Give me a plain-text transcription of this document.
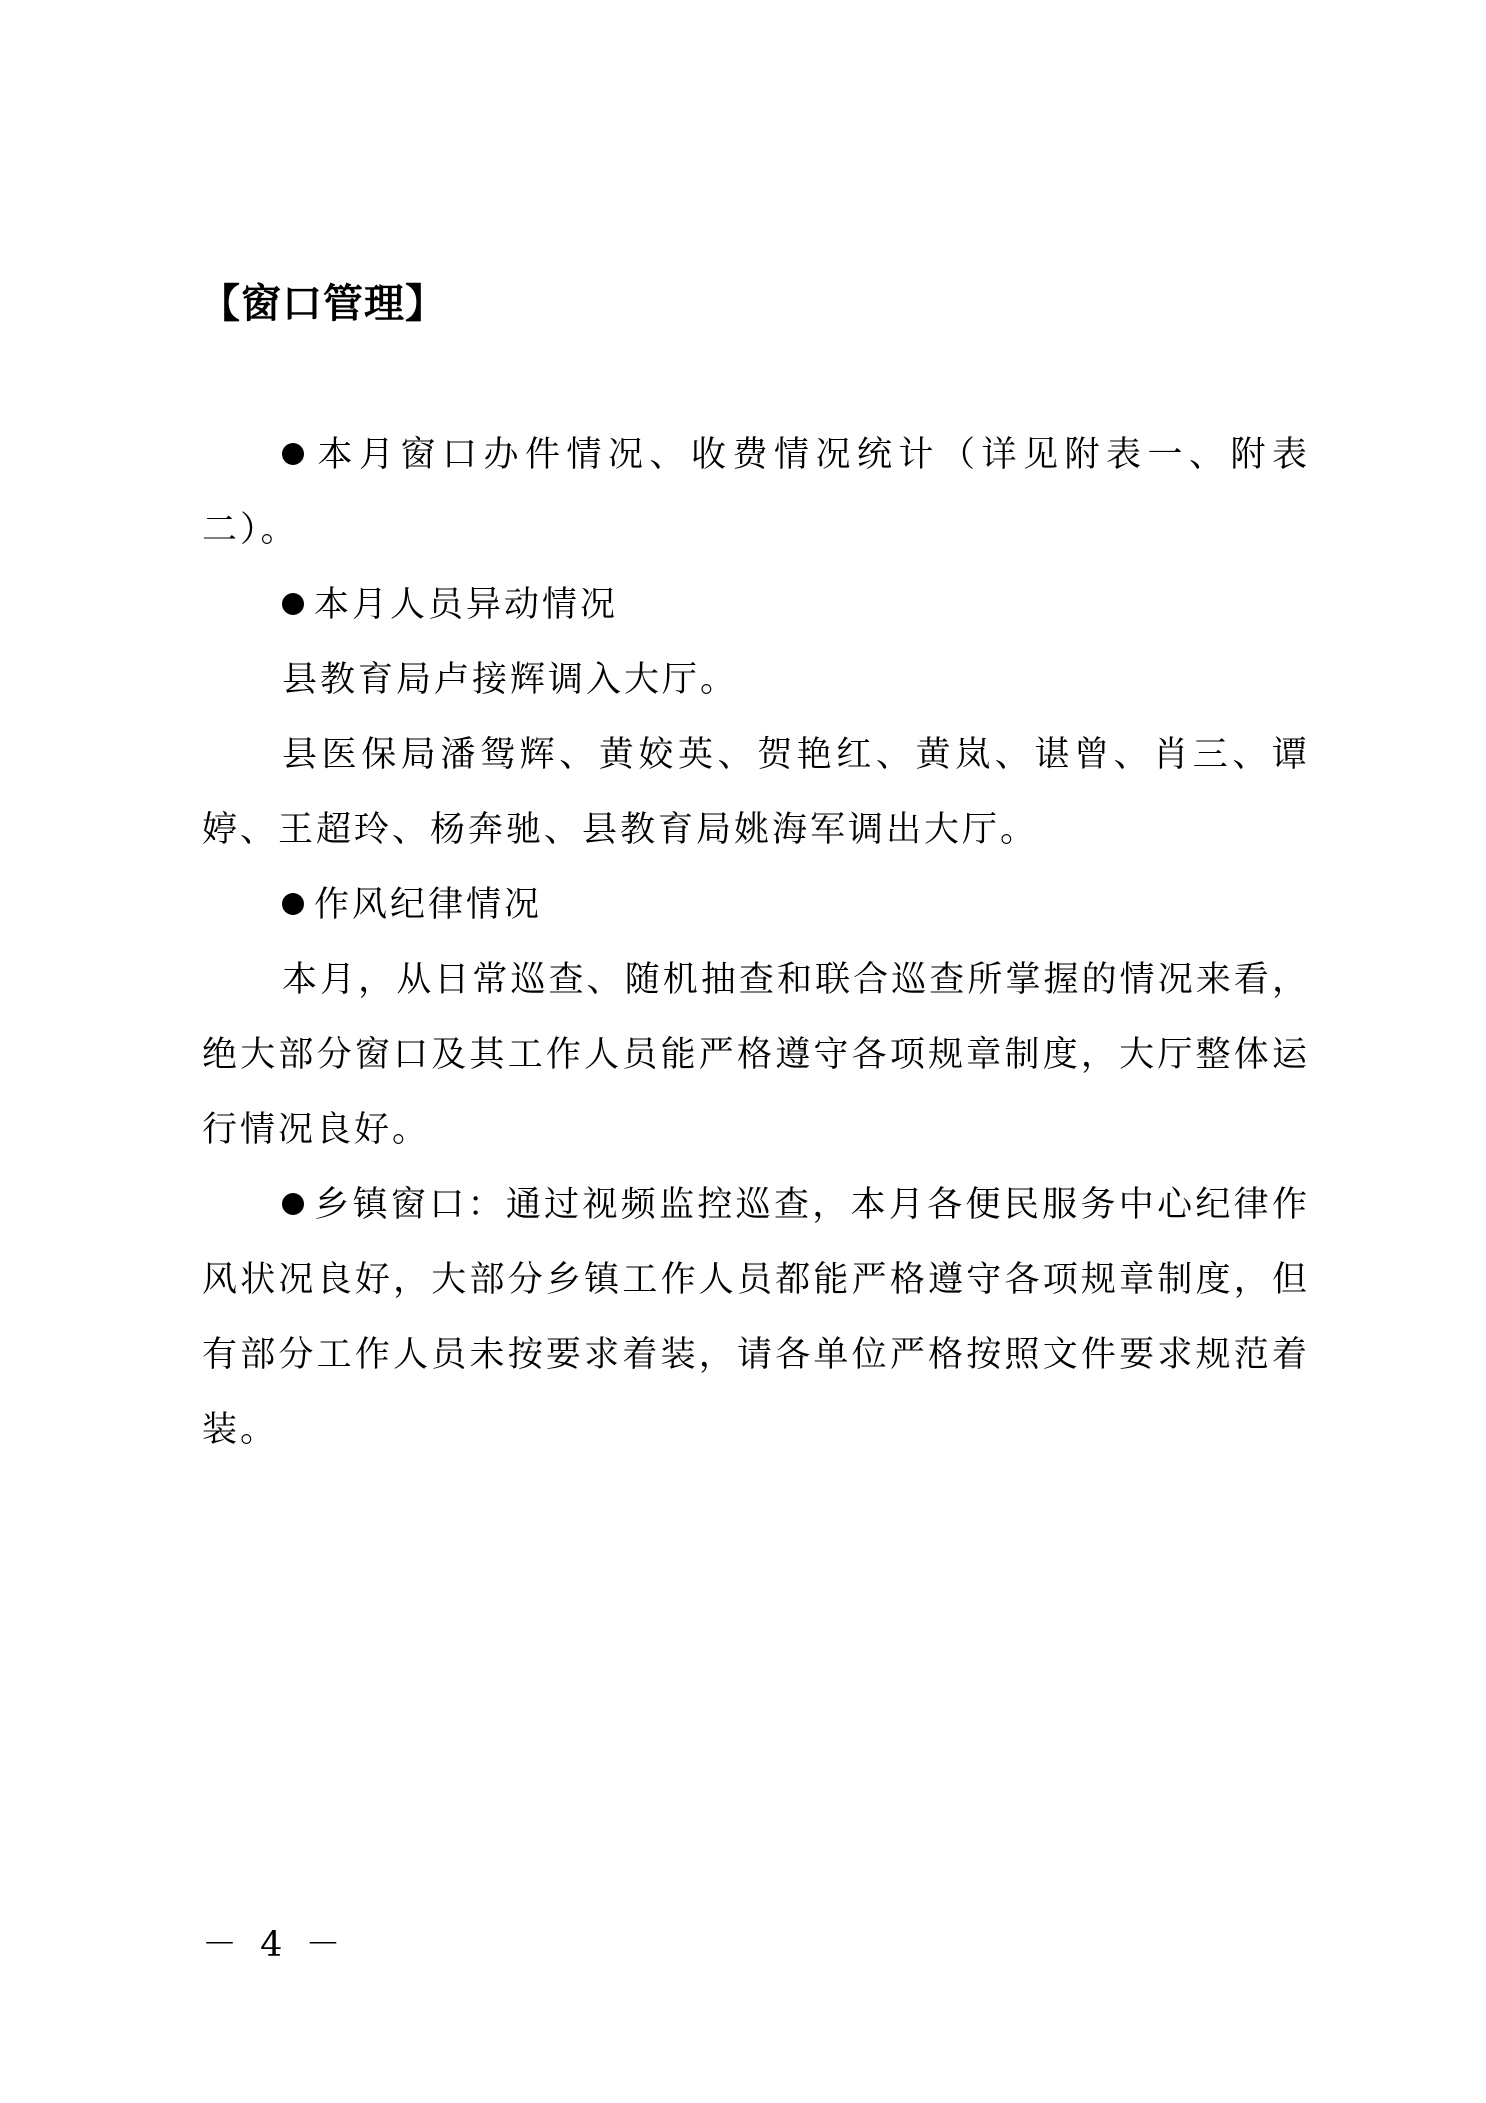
【窗口管理】

本月窗口办件情况、收费情况统计（详见附表一、附表二）。

本月人员异动情况

县教育局卢接辉调入大厅。

县医保局潘鸳辉、黄姣英、贺艳红、黄岚、谌曾、肖三、谭婷、王超玲、杨奔驰、县教育局姚海军调出大厅。

作风纪律情况

本月，从日常巡查、随机抽查和联合巡查所掌握的情况来看，绝大部分窗口及其工作人员能严格遵守各项规章制度，大厅整体运行情况良好。

乡镇窗口：通过视频监控巡查，本月各便民服务中心纪律作风状况良好，大部分乡镇工作人员都能严格遵守各项规章制度，但有部分工作人员未按要求着装，请各单位严格按照文件要求规范着装。

－ 4 －
